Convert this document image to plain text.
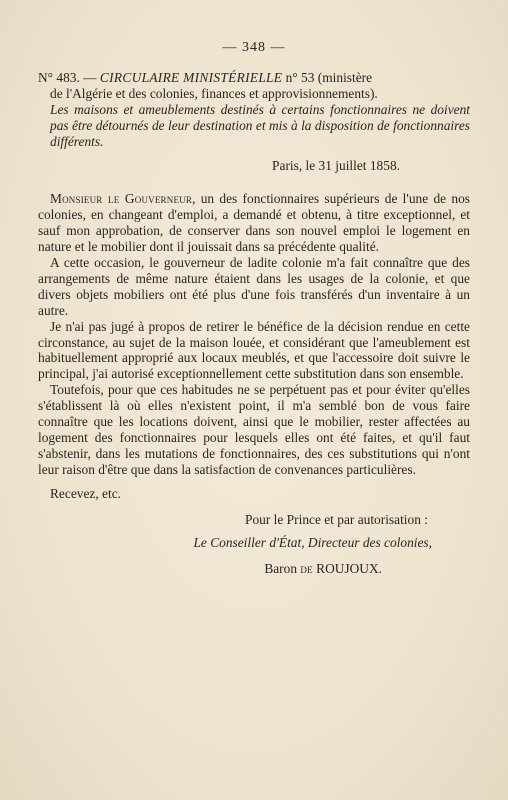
— 348 —
N° 483. — CIRCULAIRE MINISTÉRIELLE n° 53 (ministère
de l'Algérie et des colonies, finances et approvisionnements).
Les maisons et ameublements destinés à certains fonctionnaires ne doivent pas être détournés de leur destination et mis à la disposition de fonctionnaires différents.
Paris, le 31 juillet 1858.

Monsieur le Gouverneur, un des fonctionnaires supérieurs de l'une de nos colonies, en changeant d'emploi, a demandé et obtenu, à titre exceptionnel, et sauf mon approbation, de conserver dans son nouvel emploi le logement en nature et le mobilier dont il jouissait dans sa précédente qualité.

A cette occasion, le gouverneur de ladite colonie m'a fait connaître que des arrangements de même nature étaient dans les usages de la colonie, et que divers objets mobiliers ont été plus d'une fois transférés d'un inventaire à un autre.

Je n'ai pas jugé à propos de retirer le bénéfice de la décision rendue en cette circonstance, au sujet de la maison louée, et considérant que l'ameublement est habituellement approprié aux locaux meublés, et que l'accessoire doit suivre le principal, j'ai autorisé exceptionnellement cette substitution dans son ensemble.

Toutefois, pour que ces habitudes ne se perpétuent pas et pour éviter qu'elles s'établissent là où elles n'existent point, il m'a semblé bon de vous faire connaître que les locations doivent, ainsi que le mobilier, rester affectées au logement des fonctionnaires pour lesquels elles ont été faites, et qu'il faut s'abstenir, dans les mutations de fonctionnaires, des ces substitutions qui n'ont leur raison d'être que dans la satisfaction de convenances particulières.

Recevez, etc.
Pour le Prince et par autorisation :
Le Conseiller d'État, Directeur des colonies,
Baron de ROUJOUX.
